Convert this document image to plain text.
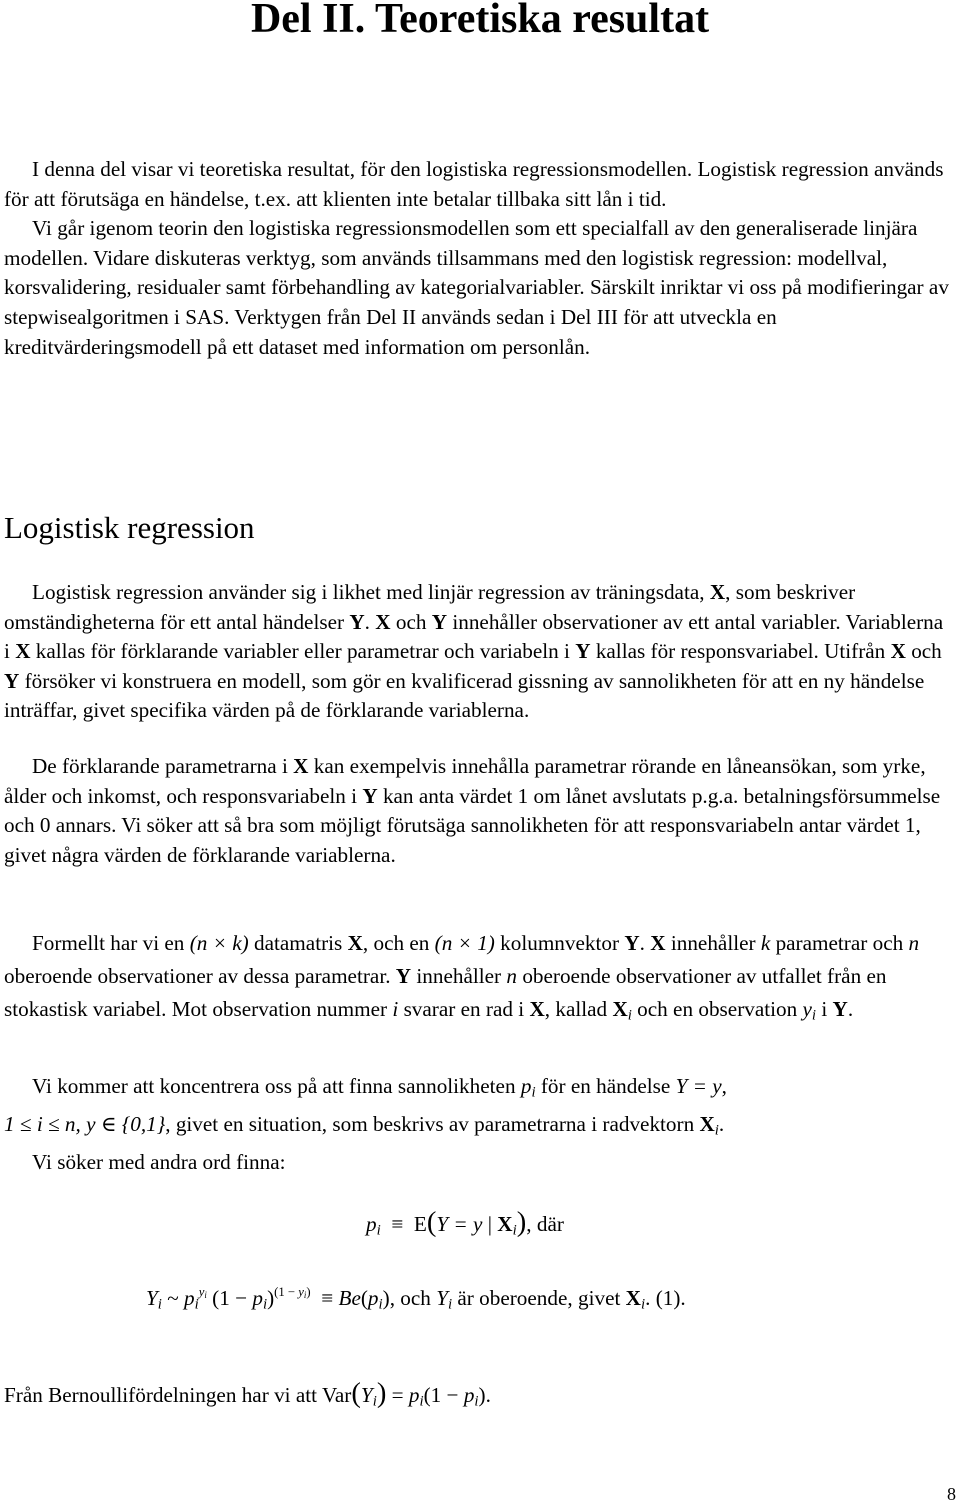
Del II. Teoretiska resultat
I denna del visar vi teoretiska resultat, för den logistiska regressionsmodellen. Logistisk regression används för att förutsäga en händelse, t.ex. att klienten inte betalar tillbaka sitt lån i tid.
Vi går igenom teorin den logistiska regressionsmodellen som ett specialfall av den generaliserade linjära modellen. Vidare diskuteras verktyg, som används tillsammans med den logistisk regression: modellval, korsvalidering, residualer samt förbehandling av kategorialvariabler. Särskilt inriktar vi oss på modifieringar av stepwisealgoritmen i SAS. Verktygen från Del II används sedan i Del III för att utveckla en kreditvärderingsmodell på ett dataset med information om personlån.
Logistisk regression

Logistisk regression använder sig i likhet med linjär regression av träningsdata, X, som beskriver omständigheterna för ett antal händelser Y. X och Y innehåller observationer av ett antal variabler. Variablerna i X kallas för förklarande variabler eller parametrar och variabeln i Y kallas för responsvariabel. Utifrån X och Y försöker vi konstruera en modell, som gör en kvalificerad gissning av sannolikheten för att en ny händelse inträffar, givet specifika värden på de förklarande variablerna.

De förklarande parametrarna i X kan exempelvis innehålla parametrar rörande en låneansökan, som yrke, ålder och inkomst, och responsvariabeln i Y kan anta värdet 1 om lånet avslutats p.g.a. betalningsförsummelse och 0 annars. Vi söker att så bra som möjligt förutsäga sannolikheten för att responsvariabeln antar värdet 1, givet några värden de förklarande variablerna.

Formellt har vi en (n × k) datamatris X, och en (n × 1) kolumnvektor Y. X innehåller k parametrar och n oberoende observationer av dessa parametrar. Y innehåller n oberoende observationer av utfallet från en stokastisk variabel. Mot observation nummer i svarar en rad i X, kallad $X_i$ och en observation $y_i$ i Y.

Vi kommer att koncentrera oss på att finna sannolikheten $p_i$ för en händelse Y = y,
1 ≤ i ≤ n, y ∈ {0,1}, givet en situation, som beskrivs av parametrarna i radvektorn $X_i$.
Vi söker med andra ord finna:

$p_i \equiv E(Y = y$ | $X_i$), där
$Y_i$ ~ $p_i^{y_i}$ $(1 - p_i)^{(1 - y_i)} \equiv Be(p_i)$, och $Y_i$ är oberoende, givet $X_i$. (1).
Från Bernoullifördelningen har vi att $Var(Y_i) = p_i(1 - p_i)$.
8
